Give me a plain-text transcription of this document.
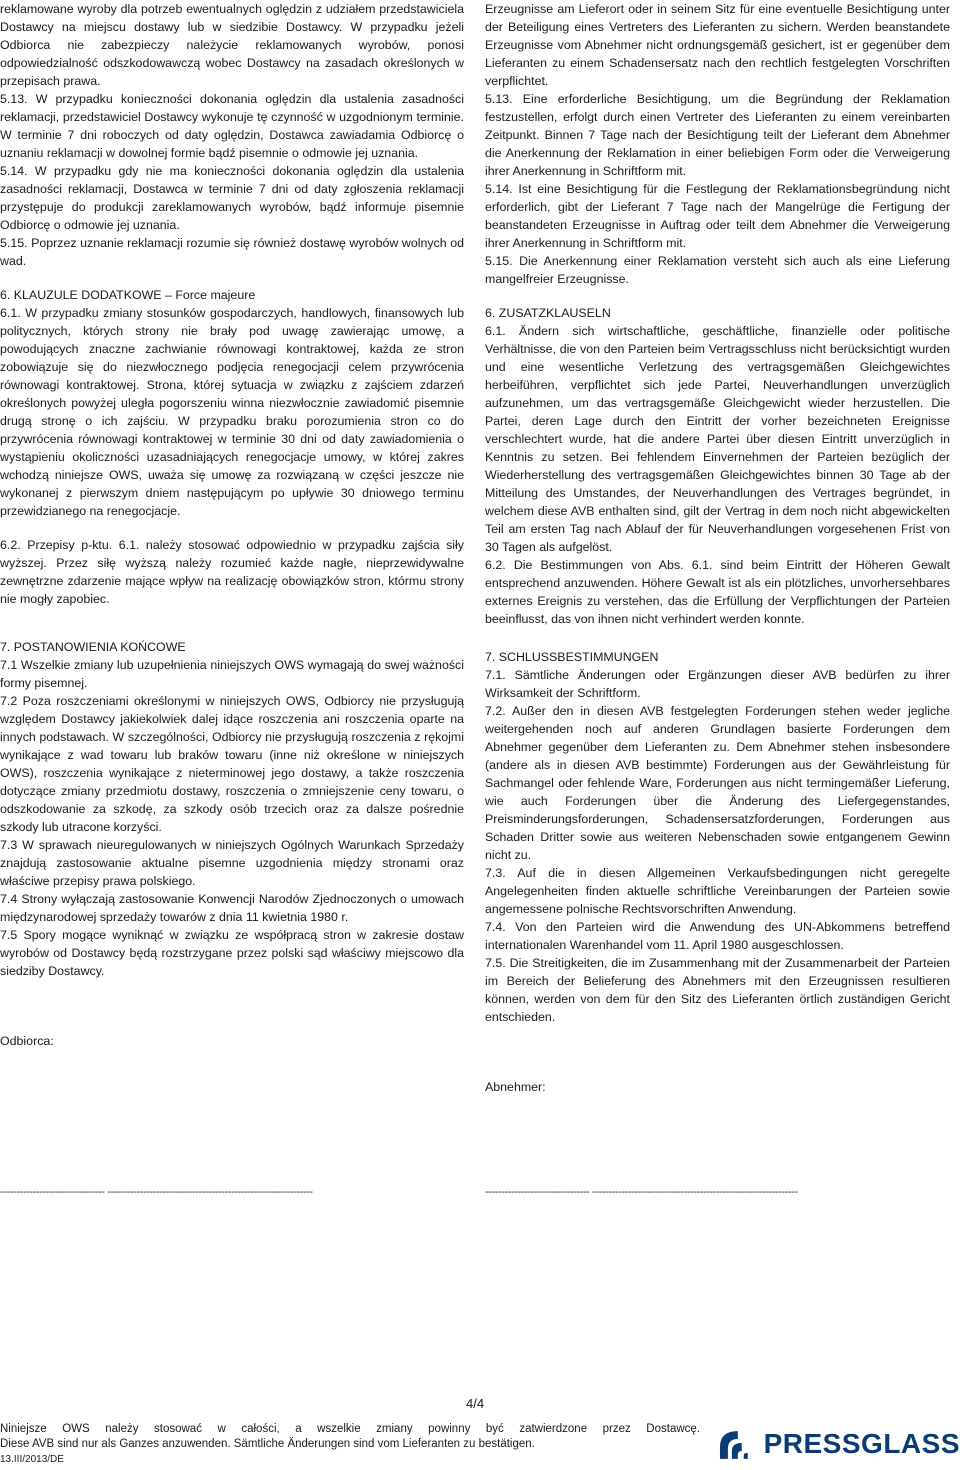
reklamowane wyroby dla potrzeb ewentualnych oględzin z udziałem przedstawiciela Dostawcy na miejscu dostawy lub w siedzibie Dostawcy. W przypadku jeżeli Odbiorca nie zabezpieczy należycie reklamowanych wyrobów, ponosi odpowiedzialność odszkodowawczą wobec Dostawcy na zasadach określonych w przepisach prawa.

5.13. W przypadku konieczności dokonania oględzin dla ustalenia zasadności reklamacji, przedstawiciel Dostawcy wykonuje tę czynność w uzgodnionym terminie. W terminie 7 dni roboczych od daty oględzin, Dostawca zawiadamia Odbiorcę o uznaniu reklamacji w dowolnej formie bądź pisemnie o odmowie jej uznania.

5.14. W przypadku gdy nie ma konieczności dokonania oględzin dla ustalenia zasadności reklamacji, Dostawca w terminie 7 dni od daty zgłoszenia reklamacji przystępuje do produkcji zareklamowanych wyrobów, bądź informuje pisemnie Odbiorcę o odmowie jej uznania.

5.15. Poprzez uznanie reklamacji rozumie się również dostawę wyrobów wolnych od wad.

6. KLAUZULE DODATKOWE – Force majeure

6.1. W przypadku zmiany stosunków gospodarczych, handlowych, finansowych lub politycznych, których strony nie brały pod uwagę zawierając umowę, a powodujących znaczne zachwianie równowagi kontraktowej, każda ze stron zobowiązuje się do niezwłocznego podjęcia renegocjacji celem przywrócenia równowagi kontraktowej. Strona, której sytuacja w związku z zajściem zdarzeń określonych powyżej uległa pogorszeniu winna niezwłocznie zawiadomić pisemnie drugą stronę o ich zajściu. W przypadku braku porozumienia stron co do przywrócenia równowagi kontraktowej w terminie 30 dni od daty zawiadomienia o wystąpieniu okoliczności uzasadniających renegocjacje umowy, w której zakres wchodzą niniejsze OWS, uważa się umowę za rozwiązaną w części jeszcze nie wykonanej z pierwszym dniem następującym po upływie 30 dniowego terminu przewidzianego na renegocjacje.

6.2. Przepisy p-ktu. 6.1. należy stosować odpowiednio w przypadku zajścia siły wyższej. Przez siłę wyższą należy rozumieć każde nagłe, nieprzewidywalne zewnętrzne zdarzenie mające wpływ na realizację obowiązków stron, którmu strony nie mogły zapobiec.

7. POSTANOWIENIA KOŃCOWE

7.1 Wszelkie zmiany lub uzupełnienia niniejszych OWS wymagają do swej ważności formy pisemnej.

7.2 Poza roszczeniami określonymi w niniejszych OWS, Odbiorcy nie przysługują względem Dostawcy jakiekolwiek dalej idące roszczenia ani roszczenia oparte na innych podstawach. W szczególności, Odbiorcy nie przysługują roszczenia z rękojmi wynikające z wad towaru lub braków towaru (inne niż określone w niniejszych OWS), roszczenia wynikające z nieterminowej jego dostawy, a także roszczenia dotyczące zmiany przedmiotu dostawy, roszczenia o zmniejszenie ceny towaru, o odszkodowanie za szkodę, za szkody osób trzecich oraz za dalsze pośrednie szkody lub utracone korzyści.

7.3 W sprawach nieuregulowanych w niniejszych Ogólnych Warunkach Sprzedaży znajdują zastosowanie aktualne pisemne uzgodnienia między stronami oraz właściwe przepisy prawa polskiego.

7.4 Strony wyłączają zastosowanie Konwencji Narodów Zjednoczonych o umowach międzynarodowej sprzedaży towarów z dnia 11 kwietnia 1980 r.

7.5 Spory mogące wyniknąć w związku ze współpracą stron w zakresie dostaw wyrobów od Dostawcy będą rozstrzygane przez polski sąd właściwy miejscowo dla siedziby Dostawcy.

Odbiorca:

Erzeugnisse am Lieferort oder in seinem Sitz für eine eventuelle Besichtigung unter der Beteiligung eines Vertreters des Lieferanten zu sichern. Werden beanstandete Erzeugnisse vom Abnehmer nicht ordnungsgemäß gesichert, ist er gegenüber dem Lieferanten zu einem Schadensersatz nach den rechtlich festgelegten Vorschriften verpflichtet.

5.13. Eine erforderliche Besichtigung, um die Begründung der Reklamation festzustellen, erfolgt durch einen Vertreter des Lieferanten zu einem vereinbarten Zeitpunkt. Binnen 7 Tage nach der Besichtigung teilt der Lieferant dem Abnehmer die Anerkennung der Reklamation in einer beliebigen Form oder die Verweigerung ihrer Anerkennung in Schriftform mit.

5.14. Ist eine Besichtigung für die Festlegung der Reklamationsbegründung nicht erforderlich, gibt der Lieferant 7 Tage nach der Mangelrüge die Fertigung der beanstandeten Erzeugnisse in Auftrag oder teilt dem Abnehmer die Verweigerung ihrer Anerkennung in Schriftform mit.

5.15. Die Anerkennung einer Reklamation versteht sich auch als eine Lieferung mangelfreier Erzeugnisse.

6. ZUSATZKLAUSELN

6.1. Ändern sich wirtschaftliche, geschäftliche, finanzielle oder politische Verhältnisse, die von den Parteien beim Vertragsschluss nicht berücksichtigt wurden und eine wesentliche Verletzung des vertragsgemäßen Gleichgewichtes herbeiführen, verpflichtet sich jede Partei, Neuverhandlungen unverzüglich aufzunehmen, um das vertragsgemäße Gleichgewicht wieder herzustellen. Die Partei, deren Lage durch den Eintritt der vorher bezeichneten Ereignisse verschlechtert wurde, hat die andere Partei über diesen Eintritt unverzüglich in Kenntnis zu setzen. Bei fehlendem Einvernehmen der Parteien bezüglich der Wiederherstellung des vertragsgemäßen Gleichgewichtes binnen 30 Tage ab der Mitteilung des Umstandes, der Neuverhandlungen des Vertrages begründet, in welchem diese AVB enthalten sind, gilt der Vertrag in dem noch nicht abgewickelten Teil am ersten Tag nach Ablauf der für Neuverhandlungen vorgesehenen Frist von 30 Tagen als aufgelöst.

6.2. Die Bestimmungen von Abs. 6.1. sind beim Eintritt der Höheren Gewalt entsprechend anzuwenden. Höhere Gewalt ist als ein plötzliches, unvorhersehbares externes Ereignis zu verstehen, das die Erfüllung der Verpflichtungen der Parteien beeinflusst, das von ihnen nicht verhindert werden konnte.

7. SCHLUSSBESTIMMUNGEN

7.1. Sämtliche Änderungen oder Ergänzungen dieser AVB bedürfen zu ihrer Wirksamkeit der Schriftform.

7.2. Außer den in diesen AVB festgelegten Forderungen stehen weder jegliche weitergehenden noch auf anderen Grundlagen basierte Forderungen dem Abnehmer gegenüber dem Lieferanten zu. Dem Abnehmer stehen insbesondere (andere als in diesen AVB bestimmte) Forderungen aus der Gewährleistung für Sachmangel oder fehlende Ware, Forderungen aus nicht termingemäßer Lieferung, wie auch Forderungen über die Änderung des Liefergegenstandes, Preisminderungsforderungen, Schadensersatzforderungen, Forderungen aus Schaden Dritter sowie aus weiteren Nebenschaden sowie entgangenem Gewinn nicht zu.

7.3. Auf die in diesen Allgemeinen Verkaufsbedingungen nicht geregelte Angelegenheiten finden aktuelle schriftliche Vereinbarungen der Parteien sowie angemessene polnische Rechtsvorschriften Anwendung.

7.4. Von den Parteien wird die Anwendung des UN-Abkommens betreffend internationalen Warenhandel vom 11. April 1980 ausgeschlossen.

7.5. Die Streitigkeiten, die im Zusammenhang mit der Zusammenarbeit der Parteien im Bereich der Belieferung des Abnehmers mit den Erzeugnissen resultieren können, werden von dem für den Sitz des Lieferanten örtlich zuständigen Gericht entschieden.

Abnehmer:

-------------------------------- ---------------------------------------------------------------	-------------------------------- ---------------------------------------------------------------
4/4
Niniejsze OWS należy stosować w całości, a wszelkie zmiany powinny być zatwierdzone przez Dostawcę.
Diese AVB sind nur als Ganzes anzuwenden. Sämtliche Änderungen sind vom Lieferanten zu bestätigen.
13.III/2013/DE
PRESSGLASS
